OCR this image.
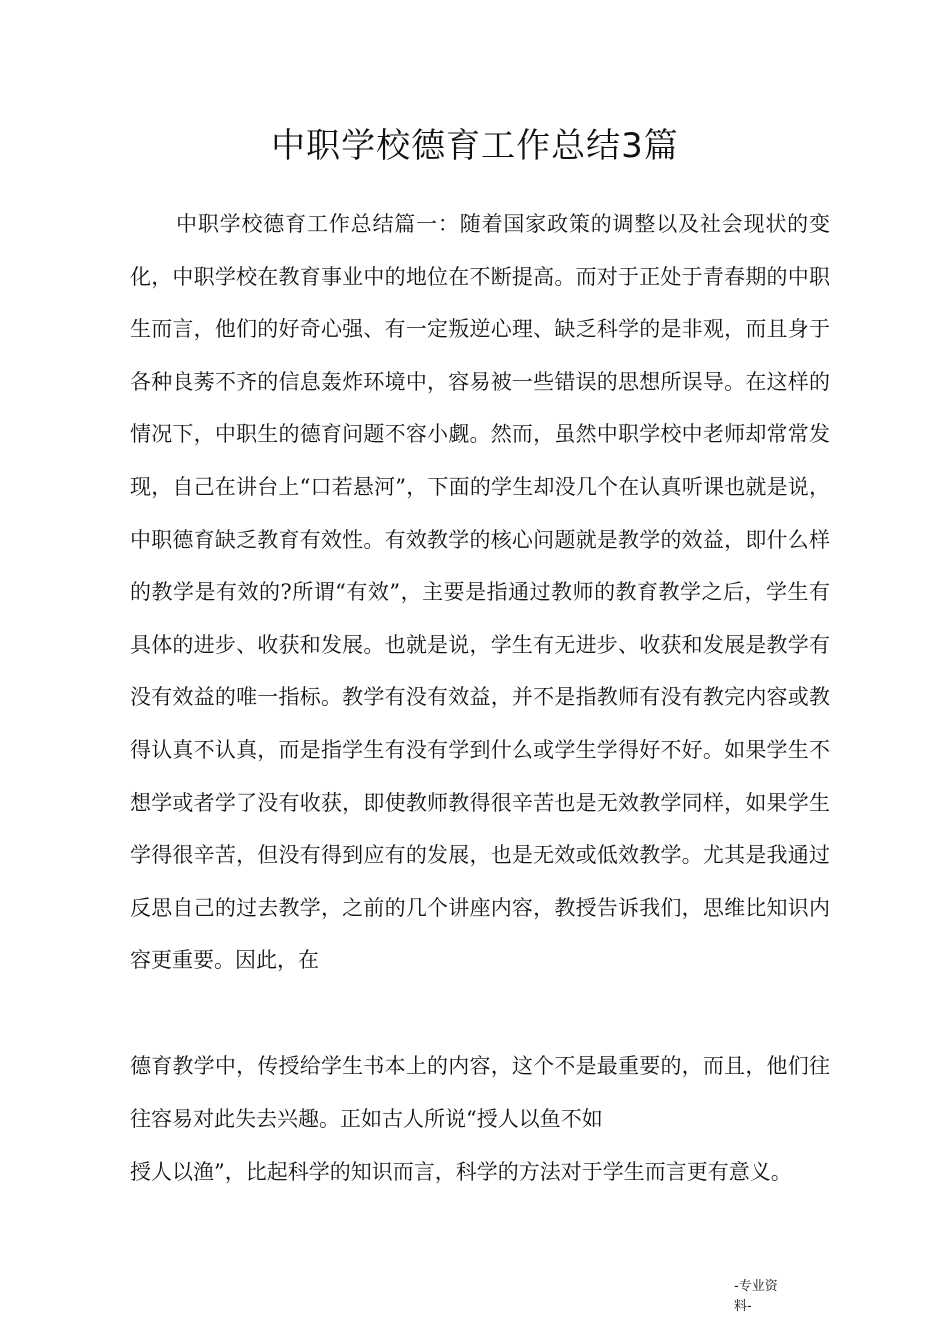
中职学校德育工作总结3篇

中职学校德育工作总结篇一：随着国家政策的调整以及社会现状的变化，中职学校在教育事业中的地位在不断提高。而对于正处于青春期的中职生而言，他们的好奇心强、有一定叛逆心理、缺乏科学的是非观，而且身于各种良莠不齐的信息轰炸环境中，容易被一些错误的思想所误导。在这样的情况下，中职生的德育问题不容小觑。然而，虽然中职学校中老师却常常发现，自己在讲台上“口若悬河”，下面的学生却没几个在认真听课也就是说，中职德育缺乏教育有效性。有效教学的核心问题就是教学的效益，即什么样的教学是有效的?所谓“有效”，主要是指通过教师的教育教学之后，学生有具体的进步、收获和发展。也就是说，学生有无进步、收获和发展是教学有没有效益的唯一指标。教学有没有效益，并不是指教师有没有教完内容或教得认真不认真，而是指学生有没有学到什么或学生学得好不好。如果学生不想学或者学了没有收获，即使教师教得很辛苦也是无效教学同样，如果学生学得很辛苦，但没有得到应有的发展，也是无效或低效教学。尤其是我通过反思自己的过去教学，之前的几个讲座内容，教授告诉我们，思维比知识内容更重要。因此，在

德育教学中，传授给学生书本上的内容，这个不是最重要的，而且，他们往往容易对此失去兴趣。正如古人所说“授人以鱼不如

授人以渔”，比起科学的知识而言，科学的方法对于学生而言更有意义。

-专业资料-
